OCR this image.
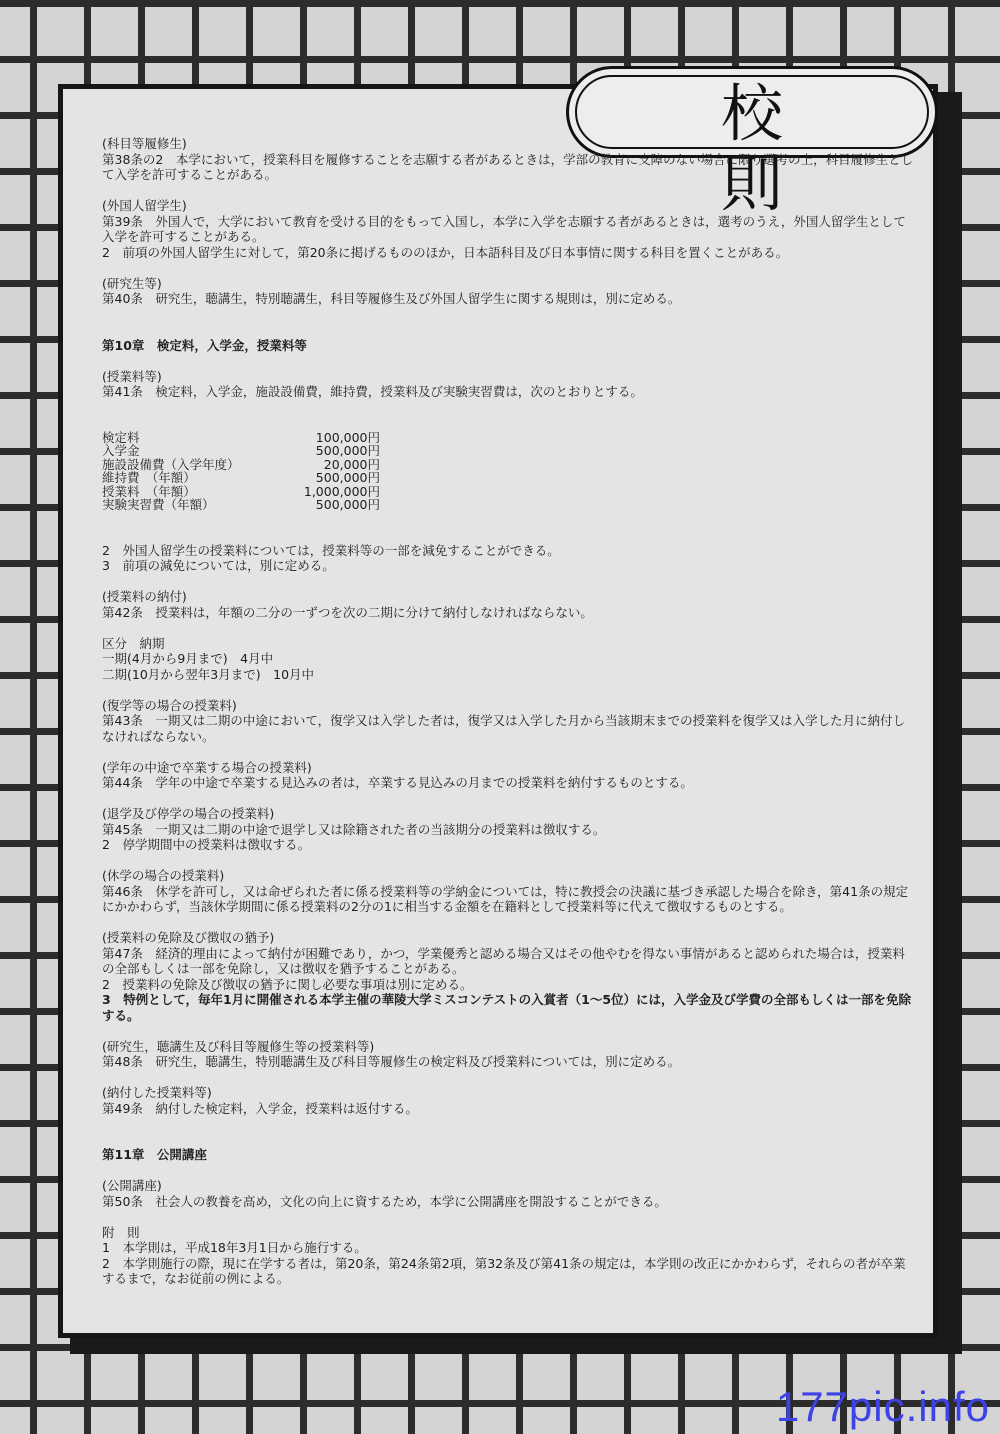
校 則

(科目等履修生)

第38条の2　本学において，授業科目を履修することを志願する者があるときは，学部の教育に支障のない場合に限り選考の上，科目履修生として入学を許可することがある。

(外国人留学生)

第39条　外国人で，大学において教育を受ける目的をもって入国し，本学に入学を志願する者があるときは，選考のうえ，外国人留学生として入学を許可することがある。

2　前項の外国人留学生に対して，第20条に掲げるもののほか，日本語科目及び日本事情に関する科目を置くことがある。

(研究生等)

第40条　研究生，聴講生，特別聴講生，科目等履修生及び外国人留学生に関する規則は，別に定める。

第10章　検定料，入学金，授業料等

(授業料等)

第41条　検定料，入学金，施設設備費，維持費，授業料及び実験実習費は，次のとおりとする。

検定料	100,000円
入学金	500,000円
施設設備費（入学年度）	20,000円
維持費　（年額）	500,000円
授業料　（年額）	1,000,000円
実験実習費（年額）	500,000円

2　外国人留学生の授業料については，授業料等の一部を減免することができる。

3　前項の減免については，別に定める。

(授業料の納付)

第42条　授業料は，年額の二分の一ずつを次の二期に分けて納付しなければならない。

区分　納期

一期(4月から9月まで)　4月中

二期(10月から翌年3月まで)　10月中

(復学等の場合の授業料)

第43条　一期又は二期の中途において，復学又は入学した者は，復学又は入学した月から当該期末までの授業料を復学又は入学した月に納付しなければならない。

(学年の中途で卒業する場合の授業料)

第44条　学年の中途で卒業する見込みの者は，卒業する見込みの月までの授業料を納付するものとする。

(退学及び停学の場合の授業料)

第45条　一期又は二期の中途で退学し又は除籍された者の当該期分の授業料は徴収する。

2　停学期間中の授業料は徴収する。

(休学の場合の授業料)

第46条　休学を許可し，又は命ぜられた者に係る授業料等の学納金については，特に教授会の決議に基づき承認した場合を除き，第41条の規定にかかわらず，当該休学期間に係る授業料の2分の1に相当する金額を在籍料として授業料等に代えて徴収するものとする。

(授業料の免除及び徴収の猶予)

第47条　経済的理由によって納付が困難であり，かつ，学業優秀と認める場合又はその他やむを得ない事情があると認められた場合は，授業料の全部もしくは一部を免除し，又は徴収を猶予することがある。

2　授業料の免除及び徴収の猶予に関し必要な事項は別に定める。

3　特例として，毎年1月に開催される本学主催の華陵大学ミスコンテストの入賞者（1〜5位）には，入学金及び学費の全部もしくは一部を免除する。

(研究生，聴講生及び科目等履修生等の授業料等)

第48条　研究生，聴講生，特別聴講生及び科目等履修生の検定料及び授業料については，別に定める。

(納付した授業料等)

第49条　納付した検定料，入学金，授業料は返付する。

第11章　公開講座

(公開講座)

第50条　社会人の教養を高め，文化の向上に資するため，本学に公開講座を開設することができる。

附　則

1　本学則は，平成18年3月1日から施行する。

2　本学則施行の際，現に在学する者は，第20条，第24条第2項，第32条及び第41条の規定は，本学則の改正にかかわらず，それらの者が卒業するまで，なお従前の例による。

177pic.info
